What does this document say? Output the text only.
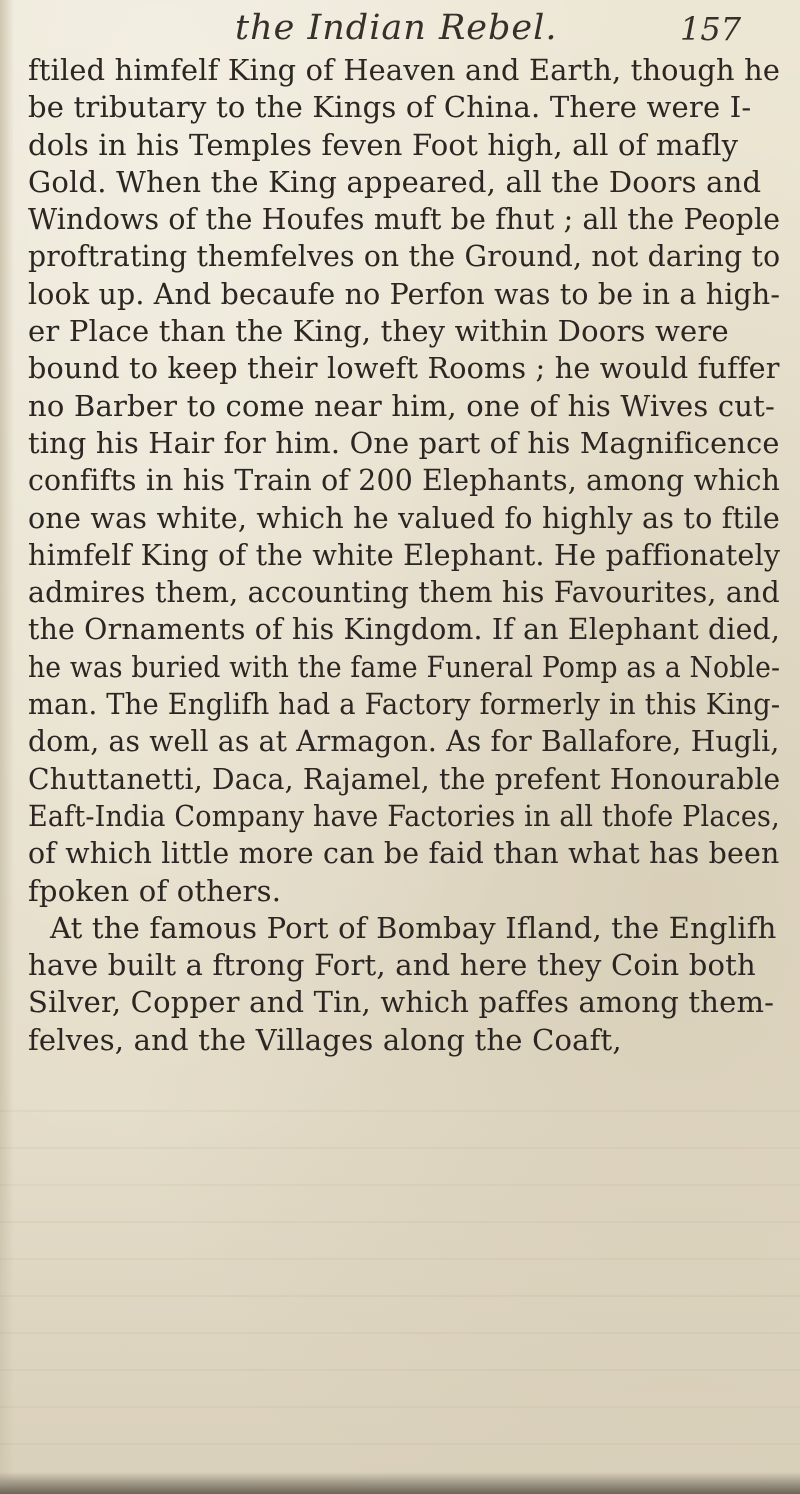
the Indian Rebel.	157
ftiled himfelf King of Heaven and Earth, though he
be tributary to the Kings of China. There were I-
dols in his Temples feven Foot high, all of mafly
Gold. When the King appeared, all the Doors and
Windows of the Houfes muft be fhut ; all the People
proftrating themfelves on the Ground, not daring to
look up. And becaufe no Perfon was to be in a high-
er Place than the King, they within Doors were
bound to keep their loweft Rooms ; he would fuffer
no Barber to come near him, one of his Wives cut-
ting his Hair for him. One part of his Magnificence
confifts in his Train of 200 Elephants, among which
one was white, which he valued fo highly as to ftile
himfelf King of the white Elephant. He paffionately
admires them, accounting them his Favourites, and
the Ornaments of his Kingdom. If an Elephant died,
he was buried with the fame Funeral Pomp as a Noble-
man. The Englifh had a Factory formerly in this King-
dom, as well as at Armagon. As for Ballafore, Hugli,
Chuttanetti, Daca, Rajamel, the prefent Honourable
Eaft-India Company have Factories in all thofe Places,
of which little more can be faid than what has been
fpoken of others.
At the famous Port of Bombay Ifland, the Englifh
have built a ftrong Fort, and here they Coin both
Silver, Copper and Tin, which paffes among them-
felves, and the Villages along the Coaft,
